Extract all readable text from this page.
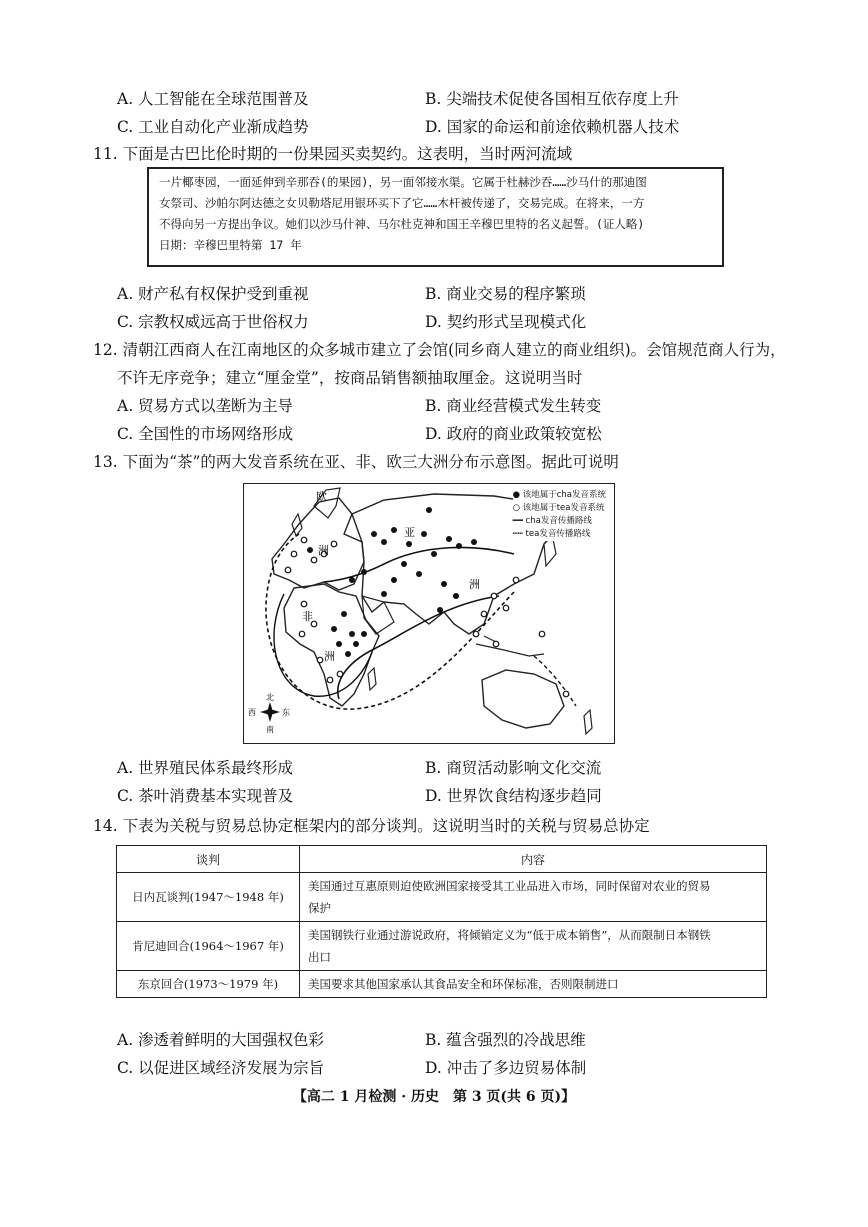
A. 人工智能在全球范围普及	B. 尖端技术促使各国相互依存度上升
C. 工业自动化产业渐成趋势	D. 国家的命运和前途依赖机器人技术
11. 下面是古巴比伦时期的一份果园买卖契约。这表明，当时两河流域
一片椰枣园，一面延伸到辛那吞(的果园)，另一面邻接水渠。它属于杜赫沙吞……沙马什的那迪图
女祭司、沙帕尔阿达德之女贝勒塔尼用银环买下了它……木杆被传递了，交易完成。在将来，一方
不得向另一方提出争议。她们以沙马什神、马尔杜克神和国王辛穆巴里特的名义起誓。(证人略)
日期：辛穆巴里特第 17 年
A. 财产私有权保护受到重视	B. 商业交易的程序繁琐
C. 宗教权威远高于世俗权力	D. 契约形式呈现模式化
12. 清朝江西商人在江南地区的众多城市建立了会馆(同乡商人建立的商业组织)。会馆规范商人行为，
不许无序竞争；建立“厘金堂”，按商品销售额抽取厘金。这说明当时
A. 贸易方式以垄断为主导	B. 商业经营模式发生转变
C. 全国性的市场网络形成	D. 政府的商业政策较宽松
13. 下面为“茶”的两大发音系统在亚、非、欧三大洲分布示意图。据此可说明
欧
洲
亚
洲
非
洲
北
南
西	东
● 该地属于cha发音系统
○ 该地属于tea发音系统
━━ cha发音传播路线
┅┅ tea发音传播路线
A. 世界殖民体系最终形成	B. 商贸活动影响文化交流
C. 茶叶消费基本实现普及	D. 世界饮食结构逐步趋同
14. 下表为关税与贸易总协定框架内的部分谈判。这说明当时的关税与贸易总协定
谈判	内容
日内瓦谈判(1947～1948 年)	美国通过互惠原则迫使欧洲国家接受其工业品进入市场，同时保留对农业的贸易
保护

肯尼迪回合(1964～1967 年)	美国钢铁行业通过游说政府，将倾销定义为“低于成本销售”，从而限制日本钢铁
出口

东京回合(1973～1979 年)	美国要求其他国家承认其食品安全和环保标准，否则限制进口
A. 渗透着鲜明的大国强权色彩	B. 蕴含强烈的冷战思维
C. 以促进区域经济发展为宗旨	D. 冲击了多边贸易体制
【高二 1 月检测 · 历史　第 3 页(共 6 页)】
